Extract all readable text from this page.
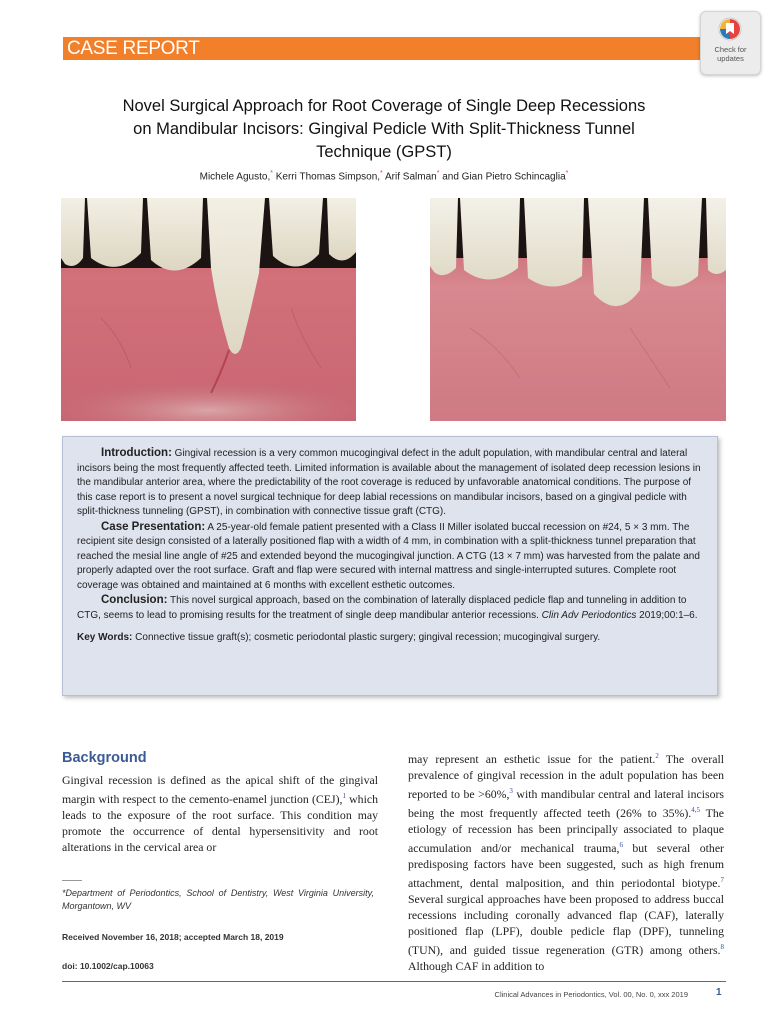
CASE REPORT	Check for
updates
Novel Surgical Approach for Root Coverage of Single Deep Recessions
on Mandibular Incisors: Gingival Pedicle With Split-Thickness Tunnel
Technique (GPST)
Michele Agusto,* Kerri Thomas Simpson,* Arif Salman* and Gian Pietro Schincaglia*

Introduction: Gingival recession is a very common mucogingival defect in the adult population, with mandibular central and lateral incisors being the most frequently affected teeth. Limited information is available about the management of isolated deep recession lesions in the mandibular anterior area, where the predictability of the root coverage is reduced by unfavorable anatomical conditions. The purpose of this case report is to present a novel surgical technique for deep labial recessions on mandibular incisors, based on a gingival pedicle with split-thickness tunneling (GPST), in combination with connective tissue graft (CTG).

Case Presentation: A 25-year-old female patient presented with a Class II Miller isolated buccal recession on #24, 5 × 3 mm. The recipient site design consisted of a laterally positioned flap with a width of 4 mm, in combination with a split-thickness tunnel preparation that reached the mesial line angle of #25 and extended beyond the mucogingival junction. A CTG (13 × 7 mm) was harvested from the palate and properly adapted over the root surface. Graft and flap were secured with internal mattress and single-interrupted sutures. Complete root coverage was obtained and maintained at 6 months with excellent esthetic outcomes.

Conclusion: This novel surgical approach, based on the combination of laterally displaced pedicle flap and tunneling in addition to CTG, seems to lead to promising results for the treatment of single deep mandibular anterior recessions. Clin Adv Periodontics 2019;00:1–6.

Key Words: Connective tissue graft(s); cosmetic periodontal plastic surgery; gingival recession; mucogingival surgery.

Background

Gingival recession is defined as the apical shift of the gingival margin with respect to the cemento-enamel junction (CEJ),$^1$ which leads to the exposure of the root surface. This condition may promote the occurrence of dental hypersensitivity and root alterations in the cervical area or

may represent an esthetic issue for the patient.$^2$ The overall prevalence of gingival recession in the adult population has been reported to be >60%,$^3$ with mandibular central and lateral incisors being the most frequently affected teeth (26% to 35%).$^{4,5}$ The etiology of recession has been principally associated to plaque accumulation and/or mechanical trauma,$^6$ but several other predisposing factors have been suggested, such as high frenum attachment, dental malposition, and thin periodontal biotype.$^7$ Several surgical approaches have been proposed to address buccal recessions including coronally advanced flap (CAF), laterally positioned flap (LPF), double pedicle flap (DPF), tunneling (TUN), and guided tissue regeneration (GTR) among others.$^8$ Although CAF in addition to

*Department of Periodontics, School of Dentistry, West Virginia University, Morgantown, WV
Received November 16, 2018; accepted March 18, 2019
doi: 10.1002/cap.10063
Clinical Advances in Periodontics, Vol. 00, No. 0, xxx 2019	1
